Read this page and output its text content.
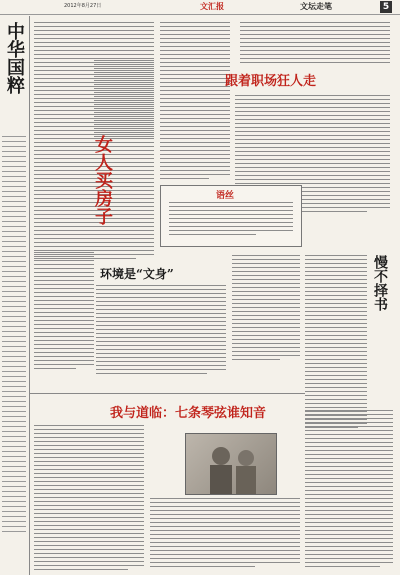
2012年8月27日	文汇报	文坛走笔	5
中华国粹
女人买房子
跟着职场狂人走
语丝
慢不择书
环境是“文身”
我与道临：七条琴弦谁知音
